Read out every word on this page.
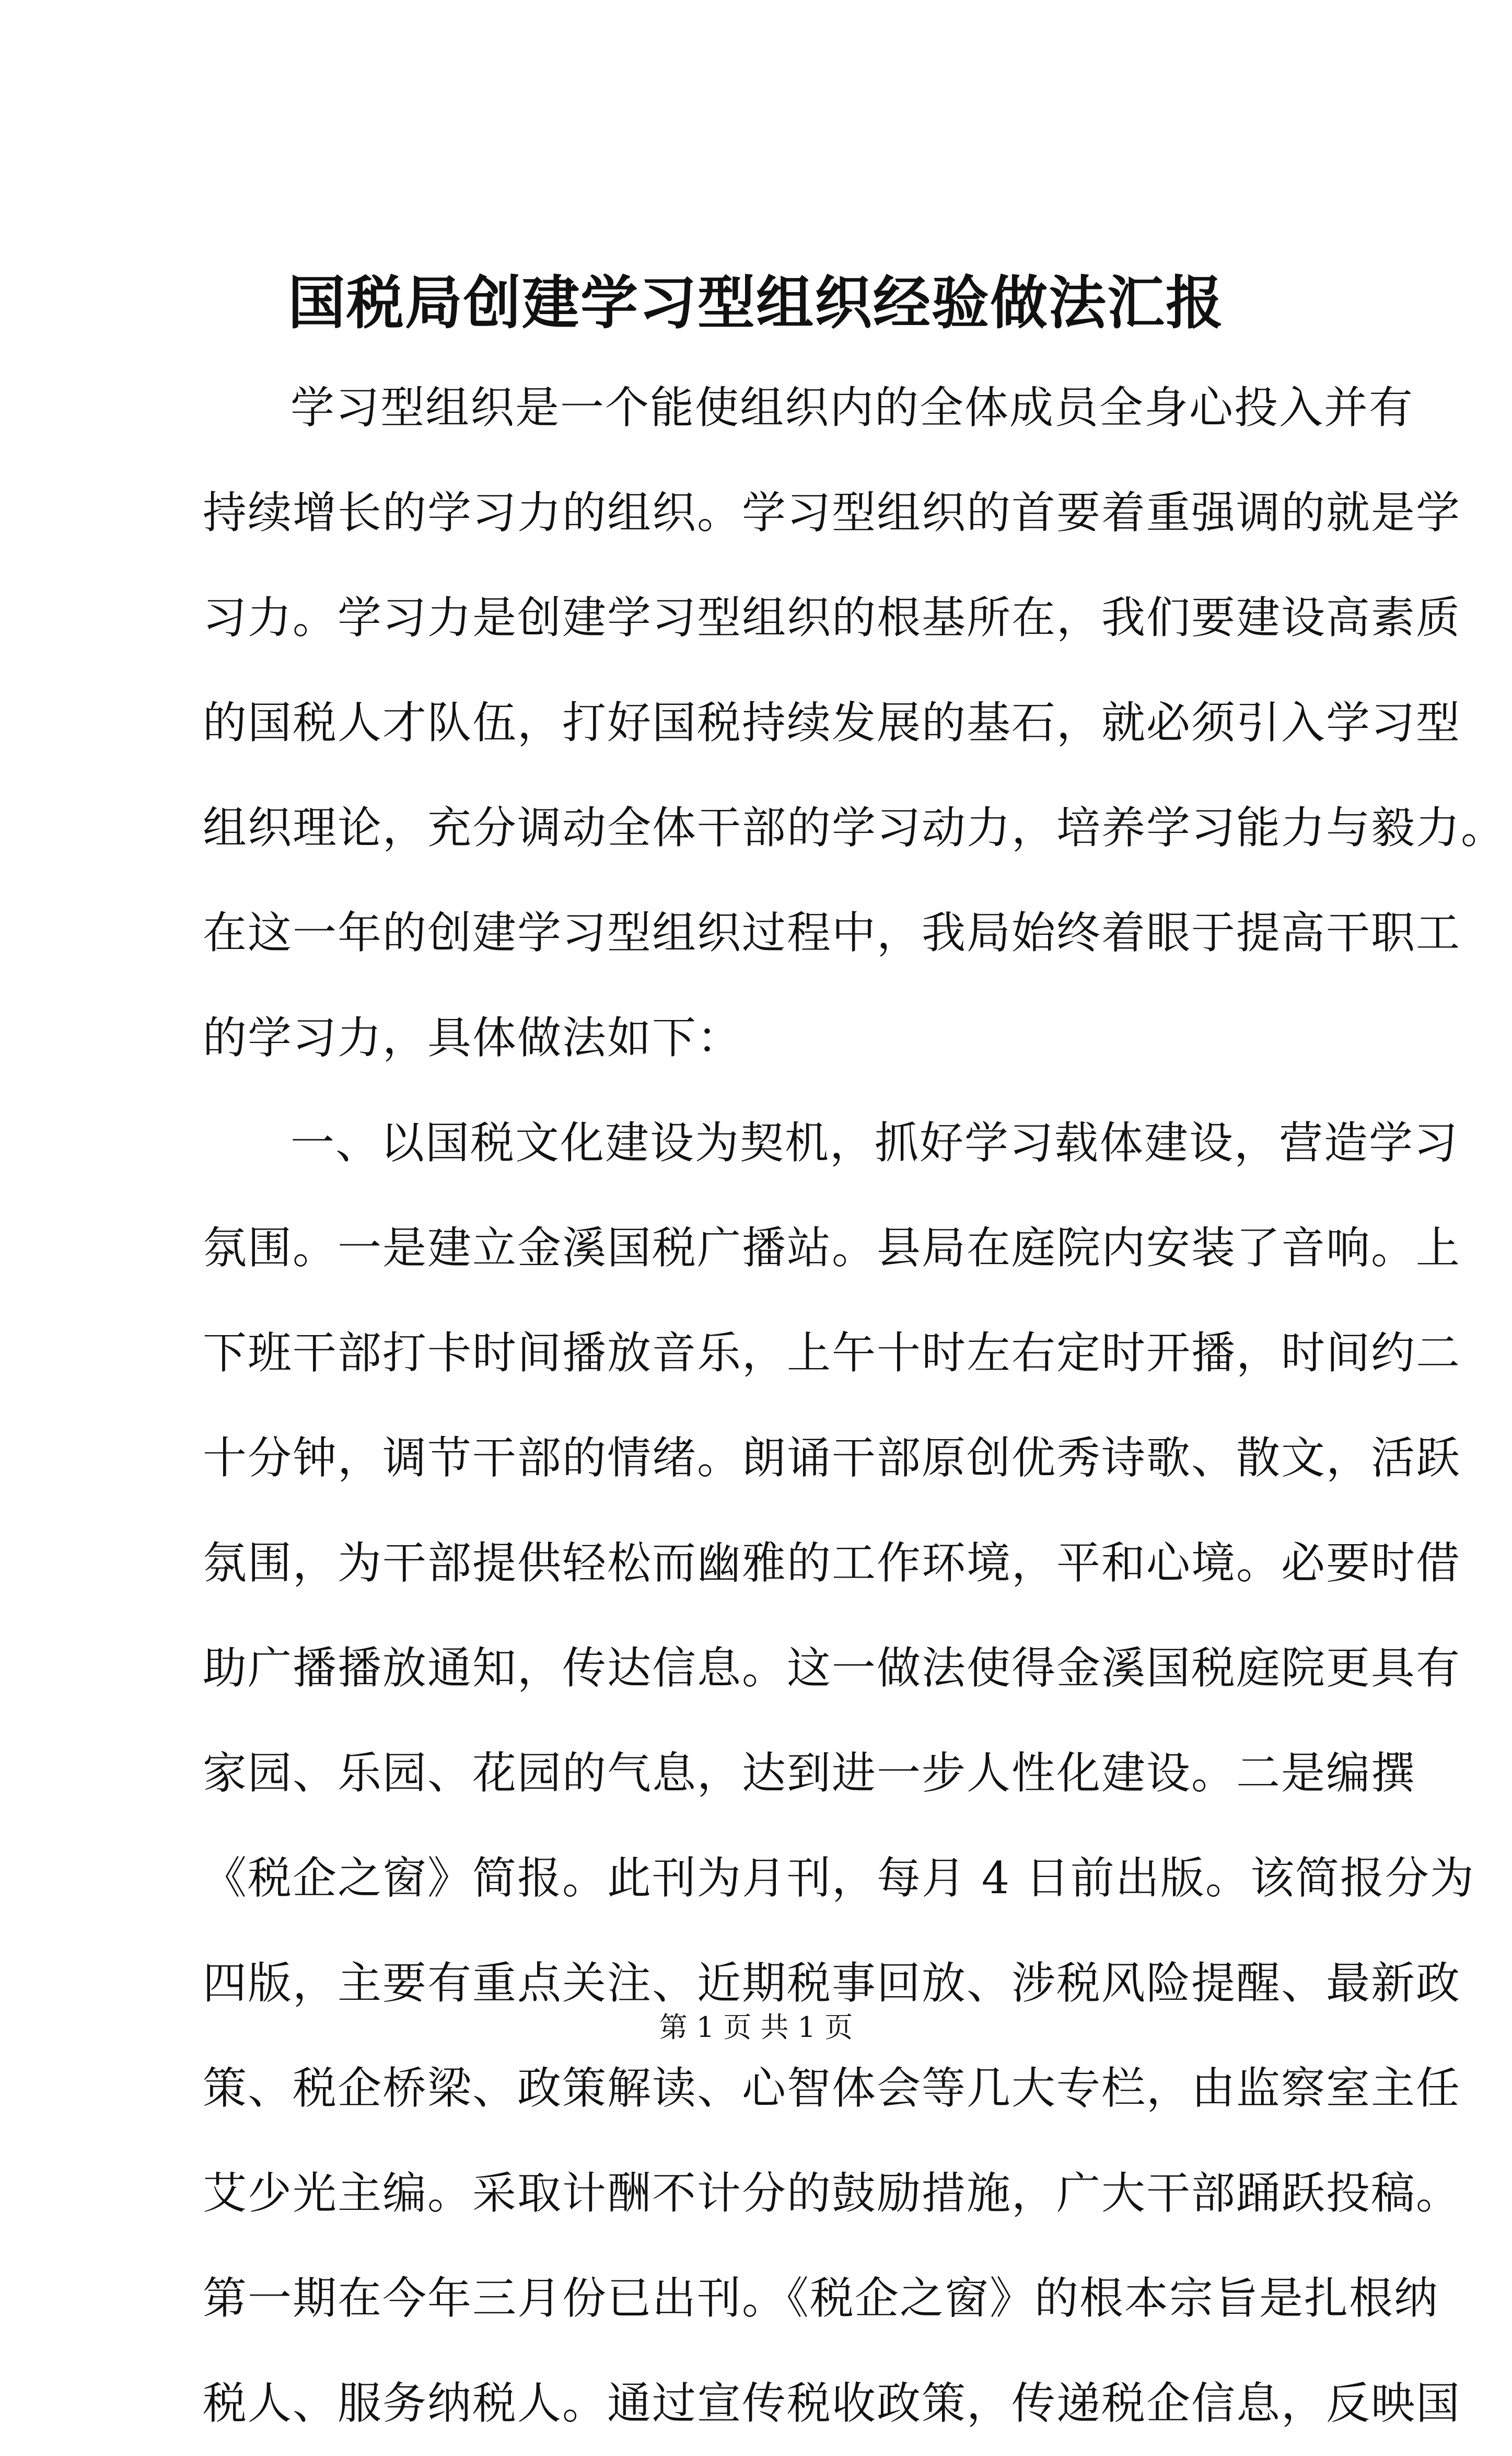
国税局创建学习型组织经验做法汇报
学习型组织是一个能使组织内的全体成员全身心投入并有
持续增长的学习力的组织。学习型组织的首要着重强调的就是学
习力。学习力是创建学习型组织的根基所在，我们要建设高素质
的国税人才队伍，打好国税持续发展的基石，就必须引入学习型
组织理论，充分调动全体干部的学习动力，培养学习能力与毅力。
在这一年的创建学习型组织过程中，我局始终着眼于提高干职工
的学习力，具体做法如下：
一、以国税文化建设为契机，抓好学习载体建设，营造学习
氛围。一是建立金溪国税广播站。县局在庭院内安装了音响。上
下班干部打卡时间播放音乐，上午十时左右定时开播，时间约二
十分钟，调节干部的情绪。朗诵干部原创优秀诗歌、散文，活跃
氛围，为干部提供轻松而幽雅的工作环境，平和心境。必要时借
助广播播放通知，传达信息。这一做法使得金溪国税庭院更具有
家园、乐园、花园的气息，达到进一步人性化建设。二是编撰
《税企之窗》简报。此刊为月刊，每月 4 日前出版。该简报分为
四版，主要有重点关注、近期税事回放、涉税风险提醒、最新政
策、税企桥梁、政策解读、心智体会等几大专栏，由监察室主任
艾少光主编。采取计酬不计分的鼓励措施，广大干部踊跃投稿。
第一期在今年三月份已出刊。《税企之窗》的根本宗旨是扎根纳
税人、服务纳税人。通过宣传税收政策，传递税企信息，反映国
第 1 页 共 1 页
